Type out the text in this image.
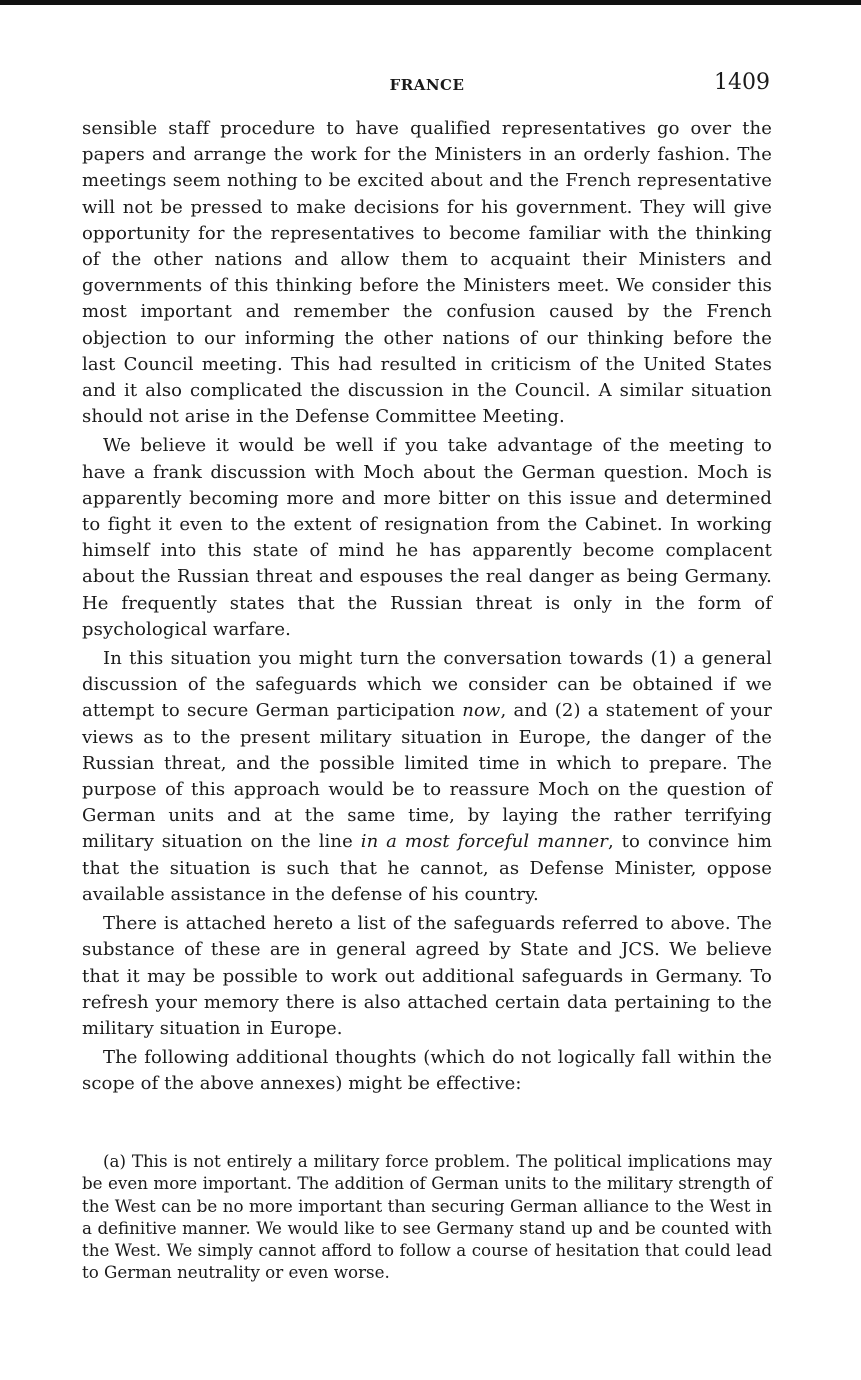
FRANCE	1409

sensible staff procedure to have qualified representatives go over the papers and arrange the work for the Ministers in an orderly fashion. The meetings seem nothing to be excited about and the French representative will not be pressed to make decisions for his government. They will give opportunity for the representatives to become familiar with the thinking of the other nations and allow them to acquaint their Ministers and governments of this thinking before the Ministers meet. We consider this most important and remember the confusion caused by the French objection to our informing the other nations of our thinking before the last Council meeting. This had resulted in criticism of the United States and it also complicated the discussion in the Council. A similar situation should not arise in the Defense Committee Meeting.

We believe it would be well if you take advantage of the meeting to have a frank discussion with Moch about the German question. Moch is apparently becoming more and more bitter on this issue and determined to fight it even to the extent of resignation from the Cabinet. In working himself into this state of mind he has apparently become complacent about the Russian threat and espouses the real danger as being Germany. He frequently states that the Russian threat is only in the form of psychological warfare.

In this situation you might turn the conversation towards (1) a general discussion of the safeguards which we consider can be obtained if we attempt to secure German participation now, and (2) a statement of your views as to the present military situation in Europe, the danger of the Russian threat, and the possible limited time in which to prepare. The purpose of this approach would be to reassure Moch on the question of German units and at the same time, by laying the rather terrifying military situation on the line in a most forceful manner, to convince him that the situation is such that he cannot, as Defense Minister, oppose available assistance in the defense of his country.

There is attached hereto a list of the safeguards referred to above. The substance of these are in general agreed by State and JCS. We believe that it may be possible to work out additional safeguards in Germany. To refresh your memory there is also attached certain data pertaining to the military situation in Europe.

The following additional thoughts (which do not logically fall within the scope of the above annexes) might be effective:

(a) This is not entirely a military force problem. The political implications may be even more important. The addition of German units to the military strength of the West can be no more important than securing German alliance to the West in a definitive manner. We would like to see Germany stand up and be counted with the West. We simply cannot afford to follow a course of hesitation that could lead to German neutrality or even worse.
